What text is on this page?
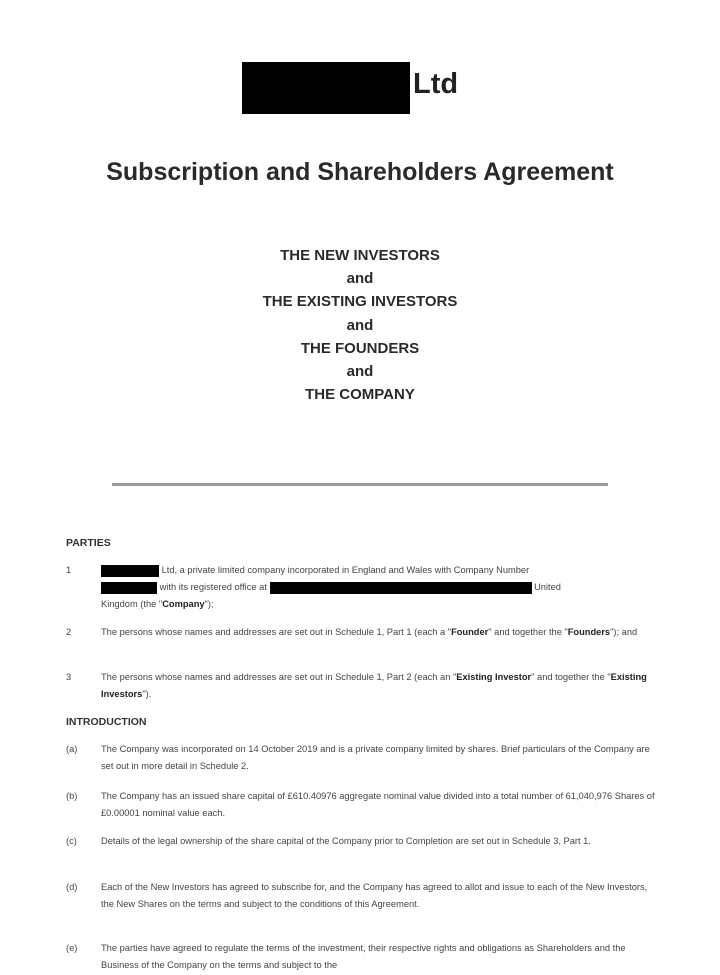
Ltd
Subscription and Shareholders Agreement
THE NEW INVESTORS
and
THE EXISTING INVESTORS
and
THE FOUNDERS
and
THE COMPANY
PARTIES
1	Ltd, a private limited company incorporated in England and Wales with Company Number
with its registered office at	United
Kingdom (the "Company");
2	The persons whose names and addresses are set out in Schedule 1, Part 1 (each a "Founder" and together the "Founders"); and
3	The persons whose names and addresses are set out in Schedule 1, Part 2 (each an "Existing Investor" and together the "Existing Investors").
INTRODUCTION
(a)	The Company was incorporated on 14 October 2019 and is a private company limited by shares. Brief particulars of the Company are set out in more detail in Schedule 2.
(b)	The Company has an issued share capital of £610.40976 aggregate nominal value divided into a total number of 61,040,976 Shares of £0.00001 nominal value each.
(c)	Details of the legal ownership of the share capital of the Company prior to Completion are set out in Schedule 3, Part 1.
(d)	Each of the New Investors has agreed to subscribe for, and the Company has agreed to allot and issue to each of the New Investors, the New Shares on the terms and subject to the conditions of this Agreement.
(e)	The parties have agreed to regulate the terms of the investment, their respective rights and obligations as Shareholders and the Business of the Company on the terms and subject to the
